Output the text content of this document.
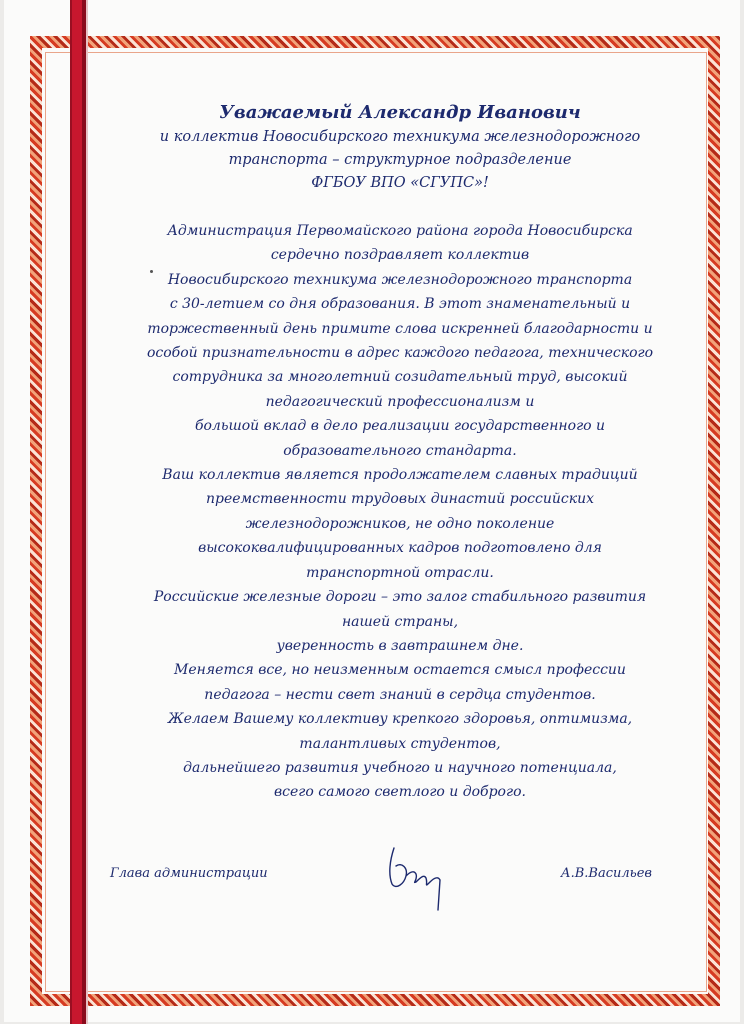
Уважаемый Александр Иванович

и коллектив Новосибирского техникума железнодорожного
транспорта – структурное подразделение
ФГБОУ ВПО «СГУПС»!

Администрация Первомайского района города Новосибирска
сердечно поздравляет коллектив
Новосибирского техникума железнодорожного транспорта
с 30-летием со дня образования. В этот знаменательный и
торжественный день примите слова искренней благодарности и
особой признательности в адрес каждого педагога, технического
сотрудника за многолетний созидательный труд, высокий
педагогический профессионализм и
большой вклад в дело реализации государственного и
образовательного стандарта.
Ваш коллектив является продолжателем славных традиций
преемственности трудовых династий российских
железнодорожников, не одно поколение
высококвалифицированных кадров подготовлено для
транспортной отрасли.
Российские железные дороги – это залог стабильного развития
нашей страны,
уверенность в завтрашнем дне.
Меняется все, но неизменным остается смысл профессии
педагога – нести свет знаний в сердца студентов.
Желаем Вашему коллективу крепкого здоровья, оптимизма,
талантливых студентов,
дальнейшего развития учебного и научного потенциала,
всего самого светлого и доброго.
Глава администрации	А.В.Васильев
